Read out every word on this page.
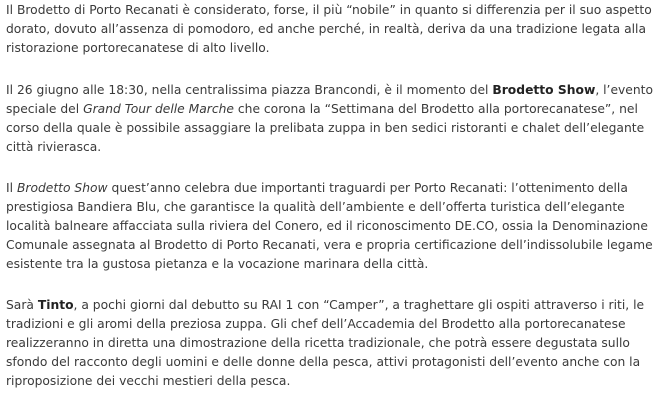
Il Brodetto di Porto Recanati è considerato, forse, il più “nobile” in quanto si differenzia per il suo aspetto
dorato, dovuto all’assenza di pomodoro, ed anche perché, in realtà, deriva da una tradizione legata alla
ristorazione portorecanatese di alto livello.

Il 26 giugno alle 18:30, nella centralissima piazza Brancondi, è il momento del Brodetto Show, l’evento
speciale del Grand Tour delle Marche che corona la “Settimana del Brodetto alla portorecanatese”, nel
corso della quale è possibile assaggiare la prelibata zuppa in ben sedici ristoranti e chalet dell’elegante
città rivierasca.

Il Brodetto Show quest’anno celebra due importanti traguardi per Porto Recanati: l’ottenimento della
prestigiosa Bandiera Blu, che garantisce la qualità dell’ambiente e dell’offerta turistica dell’elegante
località balneare affacciata sulla riviera del Conero, ed il riconoscimento DE.CO, ossia la Denominazione
Comunale assegnata al Brodetto di Porto Recanati, vera e propria certificazione dell’indissolubile legame
esistente tra la gustosa pietanza e la vocazione marinara della città.

Sarà Tinto, a pochi giorni dal debutto su RAI 1 con “Camper”, a traghettare gli ospiti attraverso i riti, le
tradizioni e gli aromi della preziosa zuppa. Gli chef dell’Accademia del Brodetto alla portorecanatese
realizzeranno in diretta una dimostrazione della ricetta tradizionale, che potrà essere degustata sullo
sfondo del racconto degli uomini e delle donne della pesca, attivi protagonisti dell’evento anche con la
riproposizione dei vecchi mestieri della pesca.
